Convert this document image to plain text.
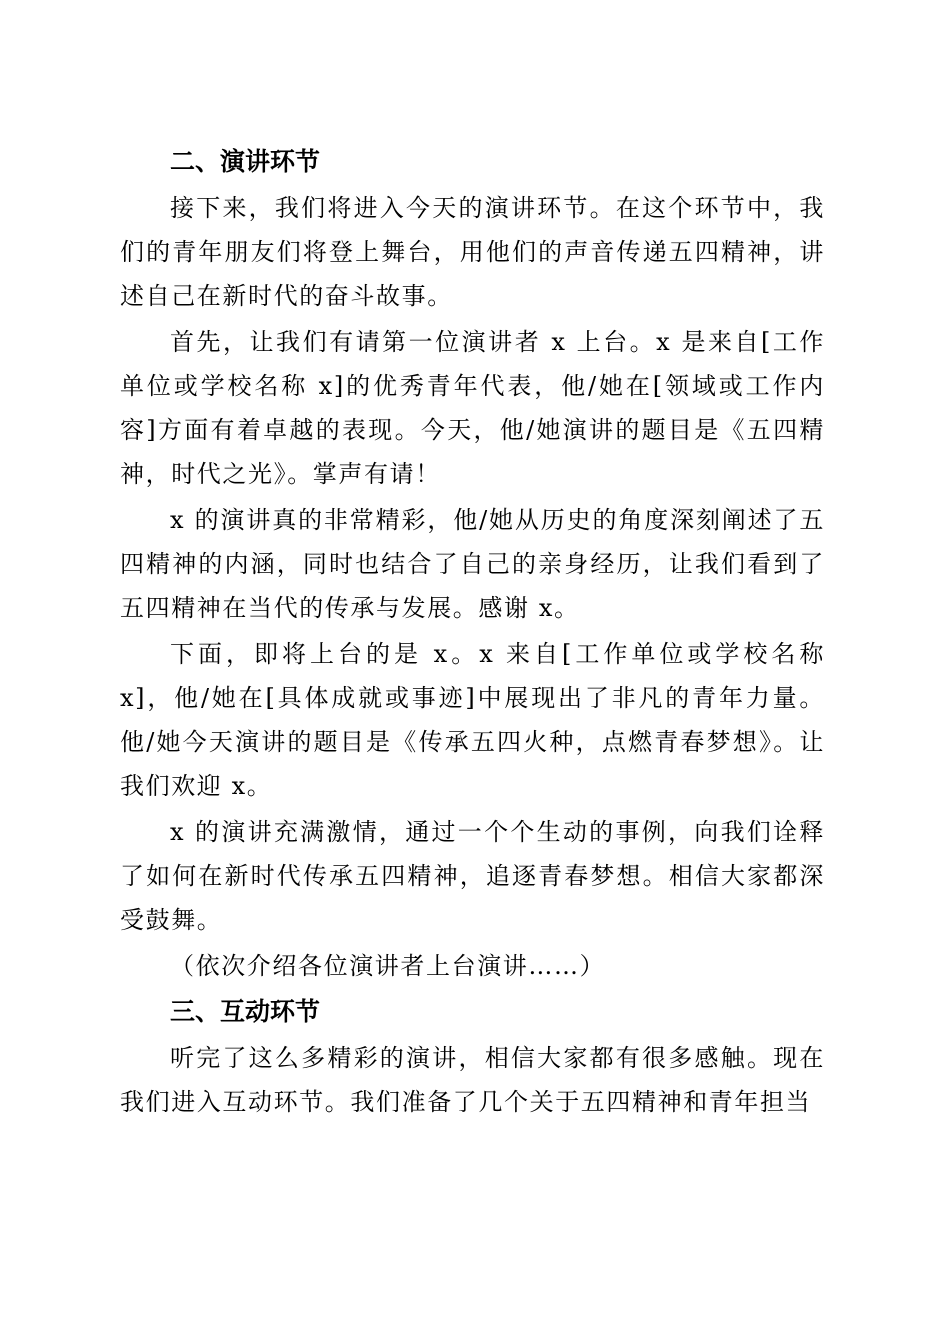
二、演讲环节

接下来，我们将进入今天的演讲环节。在这个环节中，我们的青年朋友们将登上舞台，用他们的声音传递五四精神，讲述自己在新时代的奋斗故事。

首先，让我们有请第一位演讲者 x 上台。x 是来自[工作单位或学校名称 x]的优秀青年代表，他/她在[领域或工作内容]方面有着卓越的表现。今天，他/她演讲的题目是《五四精神，时代之光》。掌声有请！

x 的演讲真的非常精彩，他/她从历史的角度深刻阐述了五四精神的内涵，同时也结合了自己的亲身经历，让我们看到了五四精神在当代的传承与发展。感谢 x。

下面，即将上台的是 x。x 来自[工作单位或学校名称 x]，他/她在[具体成就或事迹]中展现出了非凡的青年力量。他/她今天演讲的题目是《传承五四火种，点燃青春梦想》。让我们欢迎 x。

x 的演讲充满激情，通过一个个生动的事例，向我们诠释了如何在新时代传承五四精神，追逐青春梦想。相信大家都深受鼓舞。

（依次介绍各位演讲者上台演讲……）

三、互动环节

听完了这么多精彩的演讲，相信大家都有很多感触。现在我们进入互动环节。我们准备了几个关于五四精神和青年担当
